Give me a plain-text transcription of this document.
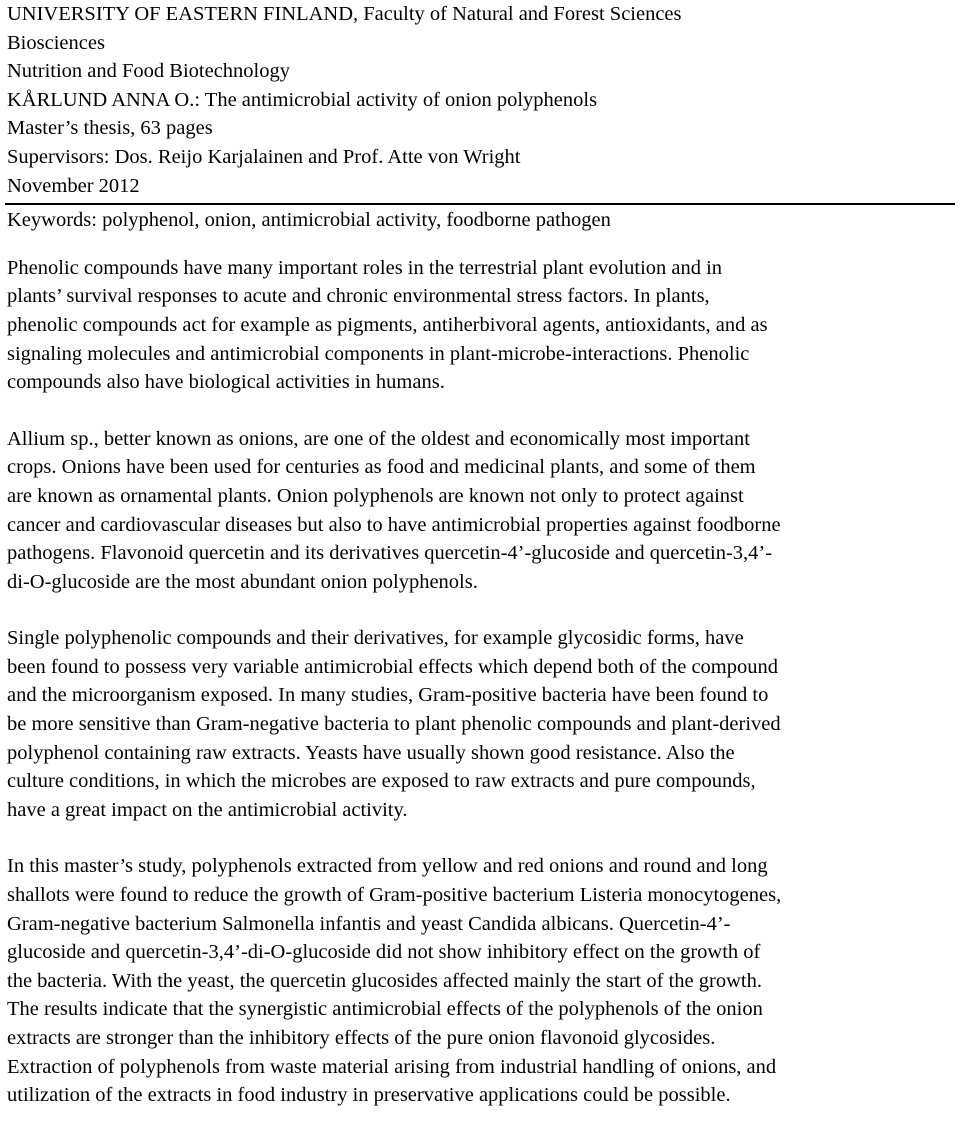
UNIVERSITY OF EASTERN FINLAND, Faculty of Natural and Forest Sciences
Biosciences
Nutrition and Food Biotechnology
KÅRLUND ANNA O.: The antimicrobial activity of onion polyphenols
Master’s thesis, 63 pages
Supervisors: Dos. Reijo Karjalainen and Prof. Atte von Wright
November 2012
Keywords: polyphenol, onion, antimicrobial activity, foodborne pathogen
Phenolic compounds have many important roles in the terrestrial plant evolution and in
plants’ survival responses to acute and chronic environmental stress factors. In plants,
phenolic compounds act for example as pigments, antiherbivoral agents, antioxidants, and as
signaling molecules and antimicrobial components in plant-microbe-interactions. Phenolic
compounds also have biological activities in humans.
Allium sp., better known as onions, are one of the oldest and economically most important
crops. Onions have been used for centuries as food and medicinal plants, and some of them
are known as ornamental plants. Onion polyphenols are known not only to protect against
cancer and cardiovascular diseases but also to have antimicrobial properties against foodborne
pathogens. Flavonoid quercetin and its derivatives quercetin-4’-glucoside and quercetin-3,4’-
di-O-glucoside are the most abundant onion polyphenols.
Single polyphenolic compounds and their derivatives, for example glycosidic forms, have
been found to possess very variable antimicrobial effects which depend both of the compound
and the microorganism exposed. In many studies, Gram-positive bacteria have been found to
be more sensitive than Gram-negative bacteria to plant phenolic compounds and plant-derived
polyphenol containing raw extracts. Yeasts have usually shown good resistance. Also the
culture conditions, in which the microbes are exposed to raw extracts and pure compounds,
have a great impact on the antimicrobial activity.
In this master’s study, polyphenols extracted from yellow and red onions and round and long
shallots were found to reduce the growth of Gram-positive bacterium Listeria monocytogenes,
Gram-negative bacterium Salmonella infantis and yeast Candida albicans. Quercetin-4’-
glucoside and quercetin-3,4’-di-O-glucoside did not show inhibitory effect on the growth of
the bacteria. With the yeast, the quercetin glucosides affected mainly the start of the growth.
The results indicate that the synergistic antimicrobial effects of the polyphenols of the onion
extracts are stronger than the inhibitory effects of the pure onion flavonoid glycosides.
Extraction of polyphenols from waste material arising from industrial handling of onions, and
utilization of the extracts in food industry in preservative applications could be possible.
